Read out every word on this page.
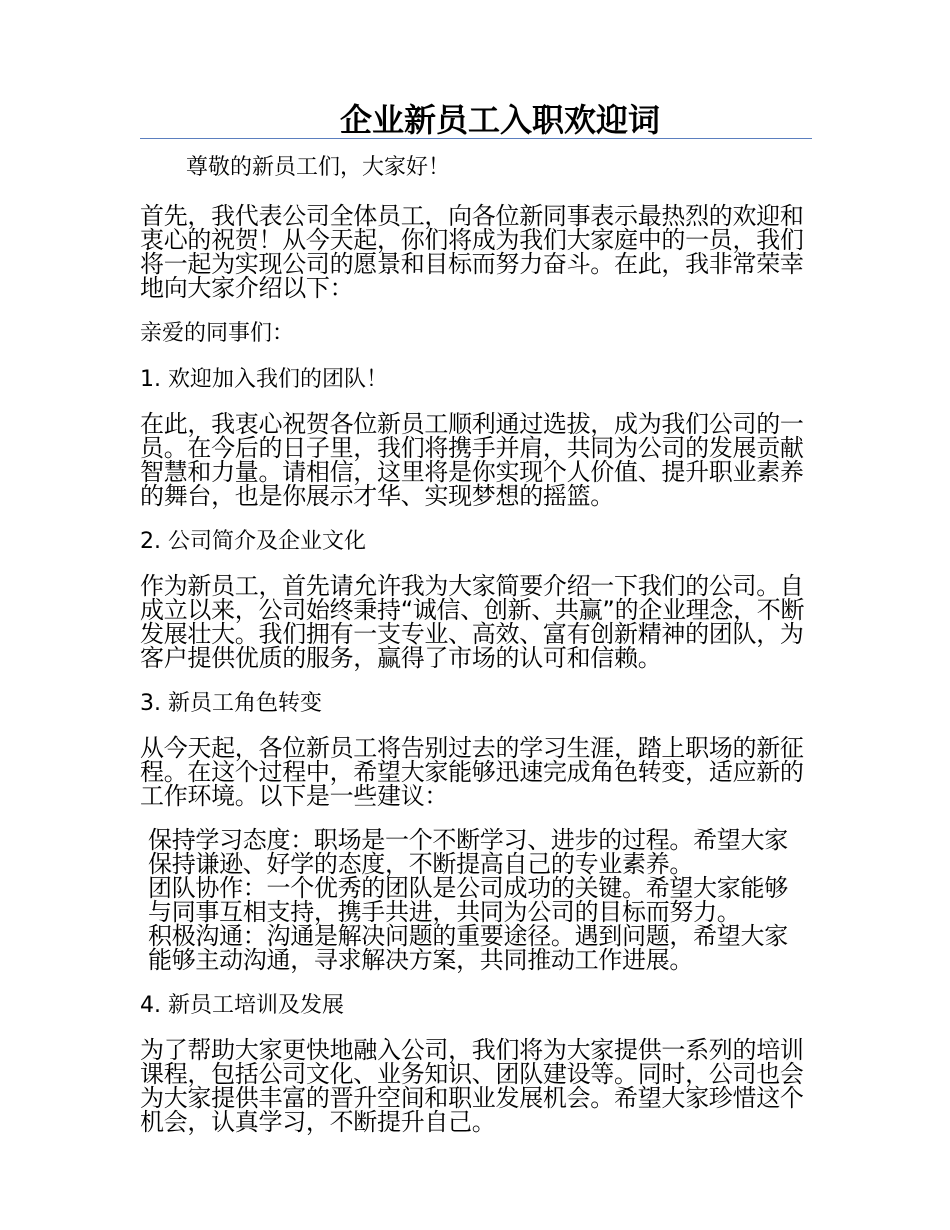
企业新员工入职欢迎词

尊敬的新员工们，大家好！

首先，我代表公司全体员工，向各位新同事表示最热烈的欢迎和衷心的祝贺！从今天起，你们将成为我们大家庭中的一员，我们将一起为实现公司的愿景和目标而努力奋斗。在此，我非常荣幸地向大家介绍以下：

亲爱的同事们：

1. 欢迎加入我们的团队！

在此，我衷心祝贺各位新员工顺利通过选拔，成为我们公司的一员。在今后的日子里，我们将携手并肩，共同为公司的发展贡献智慧和力量。请相信，这里将是你实现个人价值、提升职业素养的舞台，也是你展示才华、实现梦想的摇篮。

2. 公司简介及企业文化

作为新员工，首先请允许我为大家简要介绍一下我们的公司。自成立以来，公司始终秉持“诚信、创新、共赢”的企业理念，不断发展壮大。我们拥有一支专业、高效、富有创新精神的团队，为客户提供优质的服务，赢得了市场的认可和信赖。

3. 新员工角色转变

从今天起，各位新员工将告别过去的学习生涯，踏上职场的新征程。在这个过程中，希望大家能够迅速完成角色转变，适应新的工作环境。以下是一些建议：

保持学习态度：职场是一个不断学习、进步的过程。希望大家保持谦逊、好学的态度，不断提高自己的专业素养。
团队协作：一个优秀的团队是公司成功的关键。希望大家能够与同事互相支持，携手共进，共同为公司的目标而努力。
积极沟通：沟通是解决问题的重要途径。遇到问题，希望大家能够主动沟通，寻求解决方案，共同推动工作进展。

4. 新员工培训及发展

为了帮助大家更快地融入公司，我们将为大家提供一系列的培训课程，包括公司文化、业务知识、团队建设等。同时，公司也会为大家提供丰富的晋升空间和职业发展机会。希望大家珍惜这个机会，认真学习，不断提升自己。
